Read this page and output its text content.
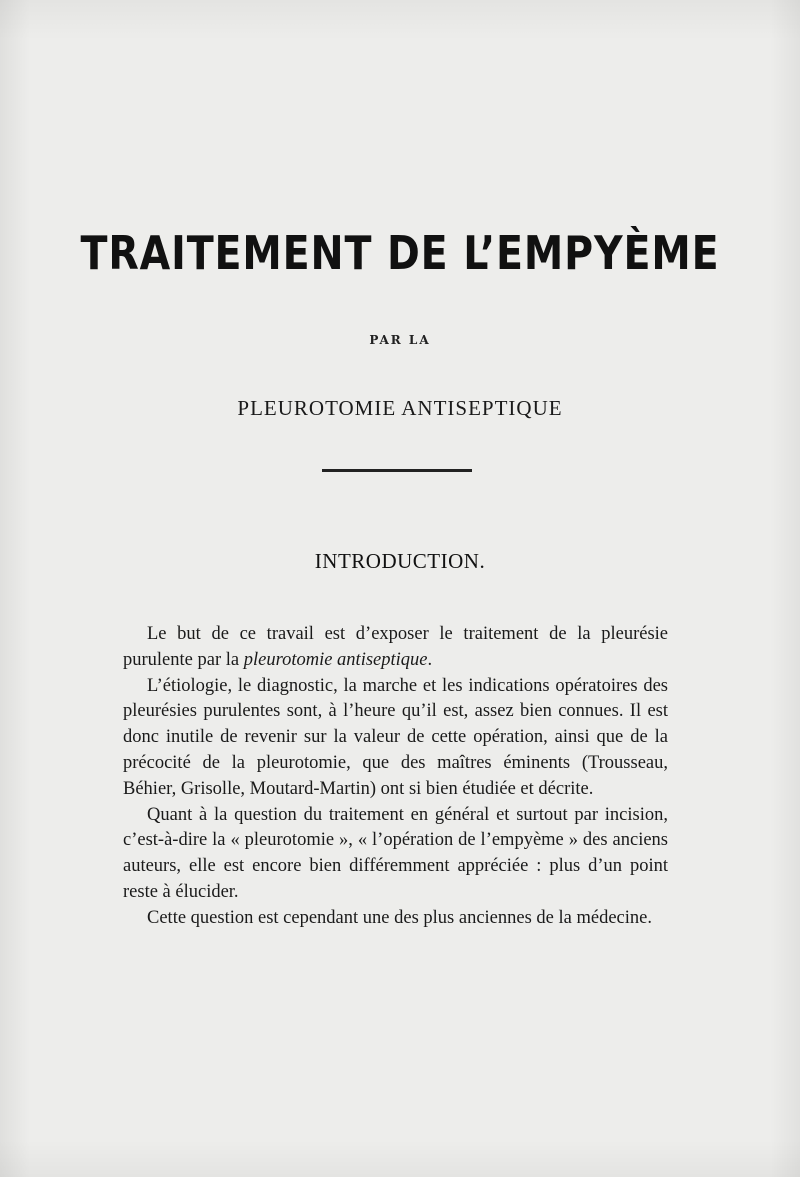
TRAITEMENT DE L’EMPYÈME
PAR LA
PLEUROTOMIE ANTISEPTIQUE
INTRODUCTION.

Le but de ce travail est d’exposer le traitement de la pleurésie purulente par la pleurotomie antiseptique.

L’étiologie, le diagnostic, la marche et les indications opératoires des pleurésies purulentes sont, à l’heure qu’il est, assez bien connues. Il est donc inutile de revenir sur la valeur de cette opération, ainsi que de la précocité de la pleurotomie, que des maîtres éminents (Trousseau, Béhier, Grisolle, Moutard-Martin) ont si bien étudiée et décrite.

Quant à la question du traitement en général et surtout par incision, c’est-à-dire la « pleurotomie », « l’opération de l’empyème » des anciens auteurs, elle est encore bien différemment appréciée : plus d’un point reste à élucider.

Cette question est cependant une des plus anciennes de la médecine.
